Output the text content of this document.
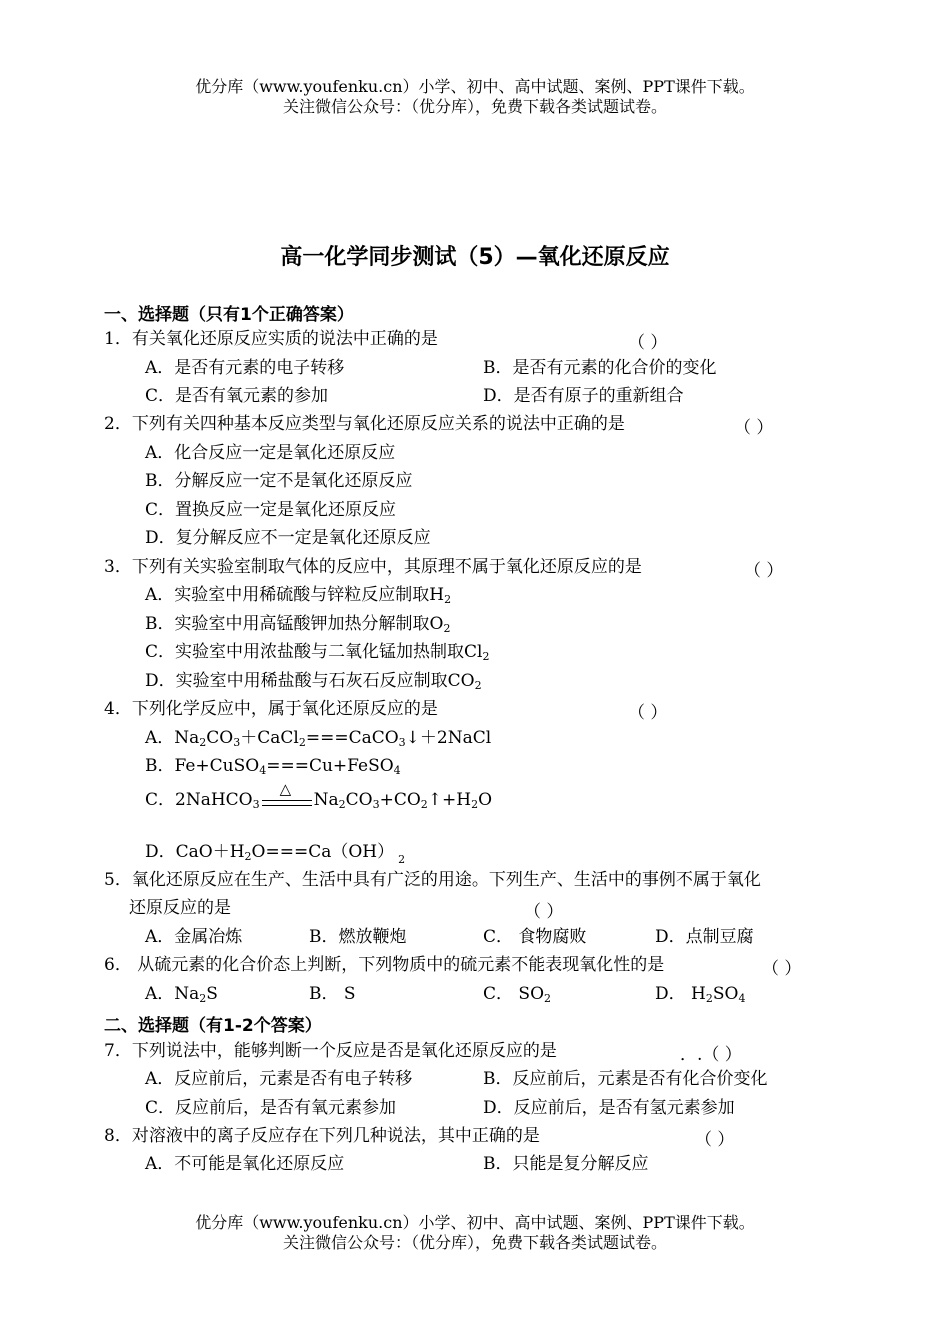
优分库（www.youfenku.cn）小学、初中、高中试题、案例、PPT课件下载。
关注微信公众号：（优分库），免费下载各类试题试卷。
高一化学同步测试（5）—氧化还原反应
一、选择题（只有1个正确答案）
1．有关氧化还原反应实质的说法中正确的是	（ ）
A．是否有元素的电子转移	B．是否有元素的化合价的变化
C．是否有氧元素的参加	D．是否有原子的重新组合
2．下列有关四种基本反应类型与氧化还原反应关系的说法中正确的是	（ ）
A．化合反应一定是氧化还原反应
B．分解反应一定不是氧化还原反应
C．置换反应一定是氧化还原反应
D．复分解反应不一定是氧化还原反应
3．下列有关实验室制取气体的反应中，其原理不属于氧化还原反应的是	（ ）
A．实验室中用稀硫酸与锌粒反应制取$H_2$
B．实验室中用高锰酸钾加热分解制取$O_2$
C．实验室中用浓盐酸与二氧化锰加热制取$Cl_2$
D．实验室中用稀盐酸与石灰石反应制取$CO_2$
4．下列化学反应中，属于氧化还原反应的是	（ ）
A．$Na_2CO_3+CaCl_2===CaCO_3↓+2NaCl$
B．Fe+CuSO$_4$===Cu+FeSO$_4$
C．2NaHCO$_3$
△
$Na_2CO_3+CO_2↑+H_2O$
D．$CaO+H_2O===Ca(OH)$ $_2$
5．氧化还原反应在生产、生活中具有广泛的用途。下列生产、生活中的事例不属于氧化
还原反应的是	（ ）
A．金属冶炼	B．燃放鞭炮	C． 食物腐败	D．点制豆腐
6． 从硫元素的化合价态上判断，下列物质中的硫元素不能表现氧化性的是	（ ）
A．$Na_2S$	B． S	C． $SO_2$	D． $H_2SO_4$
二、选择题（有1-2个答案）
7．下列说法中，能够判断一个反应是否是氧化还原反应的是	．.（ ）
A．反应前后，元素是否有电子转移	B．反应前后，元素是否有化合价变化
C．反应前后，是否有氧元素参加	D．反应前后，是否有氢元素参加
8．对溶液中的离子反应存在下列几种说法，其中正确的是	（ ）
A．不可能是氧化还原反应	B．只能是复分解反应
优分库（www.youfenku.cn）小学、初中、高中试题、案例、PPT课件下载。
关注微信公众号：（优分库），免费下载各类试题试卷。
